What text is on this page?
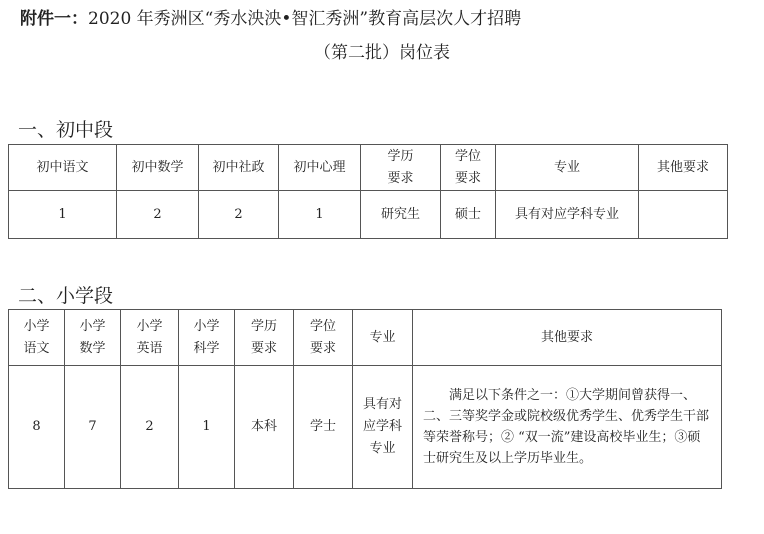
附件一：2020 年秀洲区“秀水泱泱•智汇秀洲”教育高层次人才招聘
（第二批）岗位表
一、初中段
初中语文	初中数学	初中社政	初中心理	学历要求	学位要求	专业	其他要求
1	2	2	1	研究生	硕士	具有对应学科专业	
二、小学段
小学语文	小学数学	小学英语	小学科学	学历要求	学位要求	专业	其他要求
8	7	2	1	本科	学士	具有对应学科专业	满足以下条件之一：①大学期间曾获得一、二、三等奖学金或院校级优秀学生、优秀学生干部等荣誉称号；② “双一流”建设高校毕业生；③硕士研究生及以上学历毕业生。
